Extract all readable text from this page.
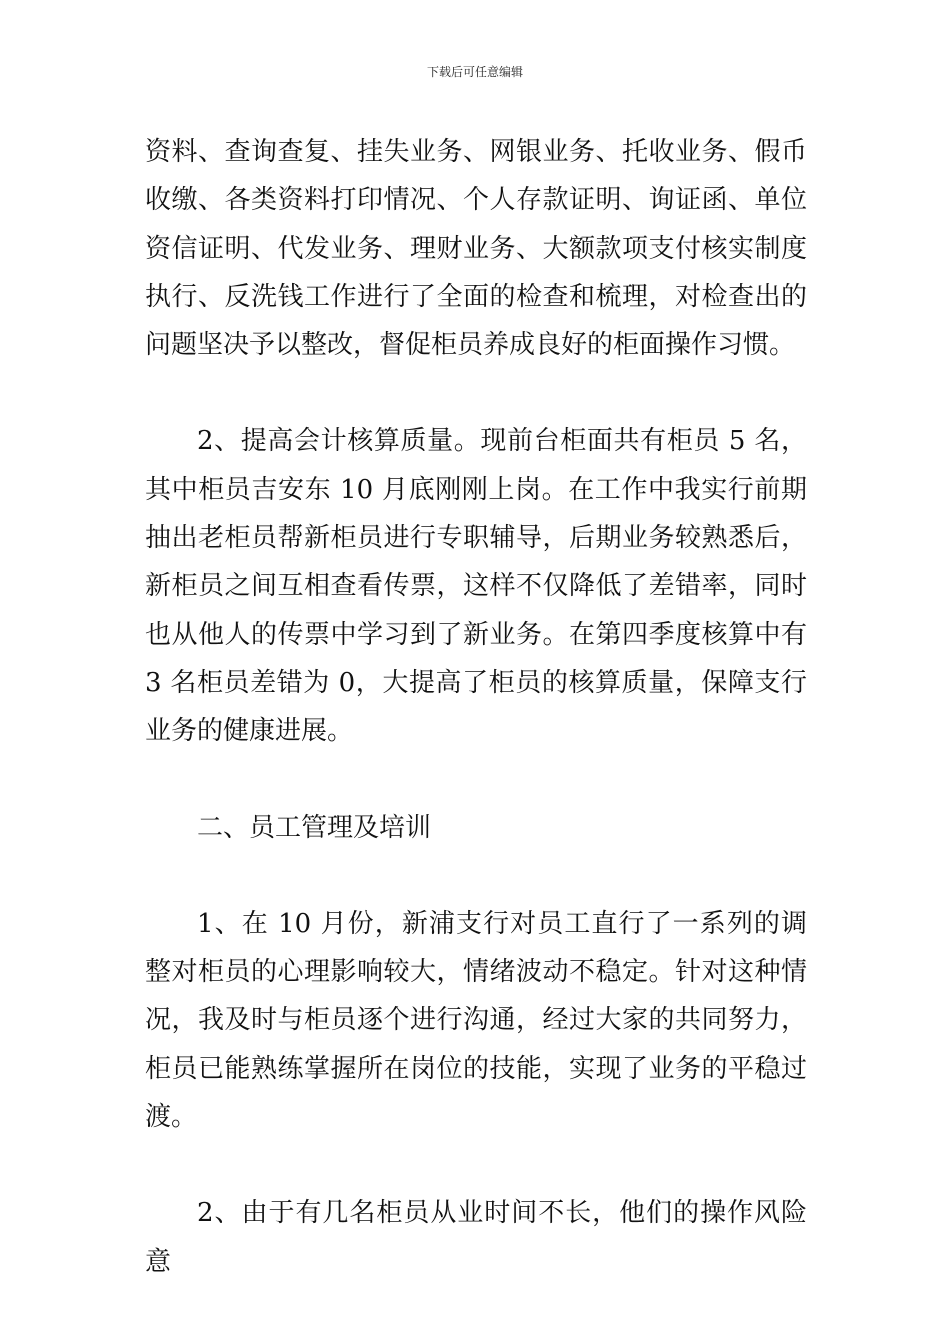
下载后可任意编辑

资料、查询查复、挂失业务、网银业务、托收业务、假币收缴、各类资料打印情况、个人存款证明、询证函、单位资信证明、代发业务、理财业务、大额款项支付核实制度执行、反洗钱工作进行了全面的检查和梳理，对检查出的问题坚决予以整改，督促柜员养成良好的柜面操作习惯。

2、提高会计核算质量。现前台柜面共有柜员 5 名，其中柜员吉安东 10 月底刚刚上岗。在工作中我实行前期抽出老柜员帮新柜员进行专职辅导，后期业务较熟悉后，新柜员之间互相查看传票，这样不仅降低了差错率，同时也从他人的传票中学习到了新业务。在第四季度核算中有 3 名柜员差错为 0，大提高了柜员的核算质量，保障支行业务的健康进展。

二、员工管理及培训

1、在 10 月份，新浦支行对员工直行了一系列的调整对柜员的心理影响较大，情绪波动不稳定。针对这种情况，我及时与柜员逐个进行沟通，经过大家的共同努力，柜员已能熟练掌握所在岗位的技能，实现了业务的平稳过渡。

2、由于有几名柜员从业时间不长，他们的操作风险意
